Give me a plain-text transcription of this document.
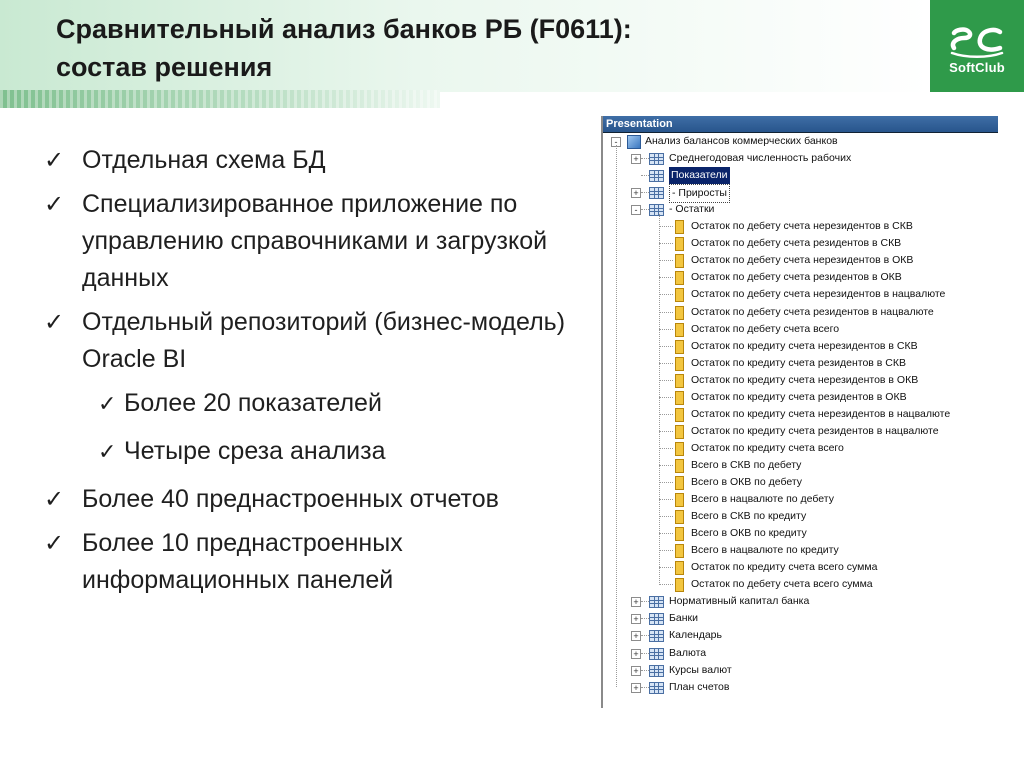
Сравнительный анализ банков РБ (F0611):
состав решения	SoftClub
✓ Отдельная схема БД
✓ Специализированное приложение по управлению справочниками и загрузкой данных
✓ Отдельный репозиторий (бизнес-модель) Oracle BI
✓ Более 20 показателей
✓ Четыре среза анализа
✓ Более 40 преднастроенных отчетов
✓ Более 10 преднастроенных информационных панелей
Presentation
-	Анализ балансов коммерческих банков
+	Среднегодовая численность рабочих
Показатели
+	- Приросты
-	- Остатки
Остаток по дебету счета нерезидентов в СКВ
Остаток по дебету счета резидентов в СКВ
Остаток по дебету счета нерезидентов в ОКВ
Остаток по дебету счета резидентов в ОКВ
Остаток по дебету счета нерезидентов в нацвалюте
Остаток по дебету счета резидентов в нацвалюте
Остаток по дебету счета всего
Остаток по кредиту счета нерезидентов в СКВ
Остаток по кредиту счета резидентов в СКВ
Остаток по кредиту счета нерезидентов в ОКВ
Остаток по кредиту счета резидентов в ОКВ
Остаток по кредиту счета нерезидентов в нацвалюте
Остаток по кредиту счета резидентов в нацвалюте
Остаток по кредиту счета всего
Всего в СКВ по дебету
Всего в ОКВ по дебету
Всего в нацвалюте по дебету
Всего в СКВ по кредиту
Всего в ОКВ по кредиту
Всего в нацвалюте по кредиту
Остаток по кредиту счета всего сумма
Остаток по дебету счета всего сумма
+	Нормативный капитал банка
+	Банки
+	Календарь
+	Валюта
+	Курсы валют
+	План счетов
